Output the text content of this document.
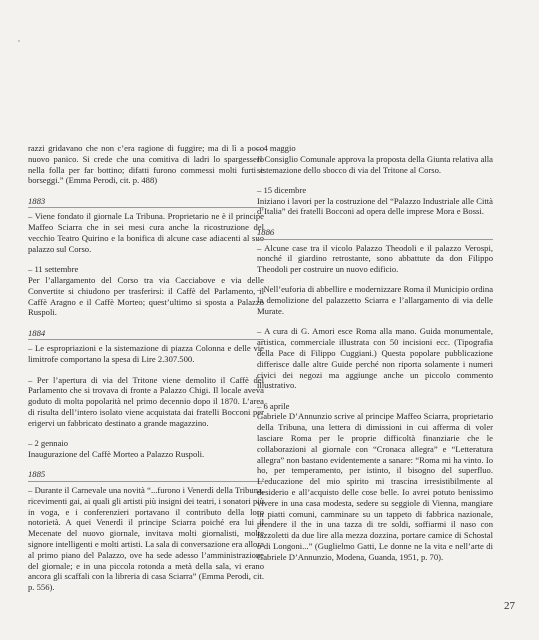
razzi gridavano che non c’era ragione di fuggire; ma di lì a poco nuovo panico. Si crede che una comitiva di ladri lo spargessero nella folla per far bottino; difatti furono commessi molti furti e borseggi.” (Emma Perodi, cit. p. 488)
1883
– Viene fondato il giornale La Tribuna. Proprietario ne è il principe Maffeo Sciarra che in sei mesi cura anche la ricostruzione del vecchio Teatro Quirino e la bonifica di alcune case adiacenti al suo palazzo sul Corso.
– 11 settembre
Per l’allargamento del Corso tra via Cacciabove e via delle Convertite si chiudono per trasferirsi: il Caffè del Parlamento, il Caffè Aragno e il Caffè Morteo; quest’ultimo si sposta a Palazzo Ruspoli.
1884
– Le espropriazioni e la sistemazione di piazza Colonna e delle vie limitrofe comportano la spesa di Lire 2.307.500.
– Per l’apertura di via del Tritone viene demolito il Caffè del Parlamento che si trovava di fronte a Palazzo Chigi. Il locale aveva goduto di molta popolarità nel primo decennio dopo il 1870. L’area di risulta dell’intero isolato viene acquistata dai fratelli Bocconi per erigervi un fabbricato destinato a grande magazzino.
– 2 gennaio
Inaugurazione del Caffè Morteo a Palazzo Ruspoli.
1885
– Durante il Carnevale una novità “...furono i Venerdì della Tribuna, ricevimenti gai, ai quali gli artisti più insigni dei teatri, i sonatori più in voga, e i conferenzieri portavano il contributo della loro notorietà. A quei Venerdì il principe Sciarra poiché era lui il Mecenate del nuovo giornale, invitava molti giornalisti, molte signore intelligenti e molti artisti. La sala di conversazione era allora al primo piano del Palazzo, ove ha sede adesso l’amministrazione del giornale; e in una piccola rotonda a metà della sala, vi erano ancora gli scaffali con la libreria di casa Sciarra” (Emma Perodi, cit. p. 556).
– 4 maggio
Il Consiglio Comunale approva la proposta della Giunta relativa alla sistemazione dello sbocco di via del Tritone al Corso.
– 15 dicembre
Iniziano i lavori per la costruzione del “Palazzo Industriale alle Città d’Italia” dei fratelli Bocconi ad opera delle imprese Mora e Bossi.
1886
– Alcune case tra il vicolo Palazzo Theodoli e il palazzo Verospi, nonché il giardino retrostante, sono abbattute da don Filippo Theodoli per costruire un nuovo edificio.
– Nell’euforia di abbellire e modernizzare Roma il Municipio ordina la demolizione del palazzetto Sciarra e l’allargamento di via delle Murate.
– A cura di G. Amori esce Roma alla mano. Guida monumentale, artistica, commerciale illustrata con 50 incisioni ecc. (Tipografia della Pace di Filippo Cuggiani.) Questa popolare pubblicazione differisce dalle altre Guide perché non riporta solamente i numeri civici dei negozi ma aggiunge anche un piccolo commento illustrativo.
– 6 aprile
Gabriele D’Annunzio scrive al principe Maffeo Sciarra, proprietario della Tribuna, una lettera di dimissioni in cui afferma di voler lasciare Roma per le proprie difficoltà finanziarie che le collaborazioni al giornale con “Cronaca allegra” e “Letteratura allegra” non bastano evidentemente a sanare: “Roma mi ha vinto. Io ho, per temperamento, per istinto, il bisogno del superfluo. L’educazione del mio spirito mi trascina irresistibilmente al desiderio e all’acquisto delle cose belle. Io avrei potuto benissimo vivere in una casa modesta, sedere su seggiole di Vienna, mangiare in piatti comuni, camminare su un tappeto di fabbrica nazionale, prendere il the in una tazza di tre soldi, soffiarmi il naso con fazzoletti da due lire alla mezza dozzina, portare camice di Schostal o di Longoni...” (Guglielmo Gatti, Le donne ne la vita e nell’arte di Gabriele D’Annunzio, Modena, Guanda, 1951, p. 70).
27
